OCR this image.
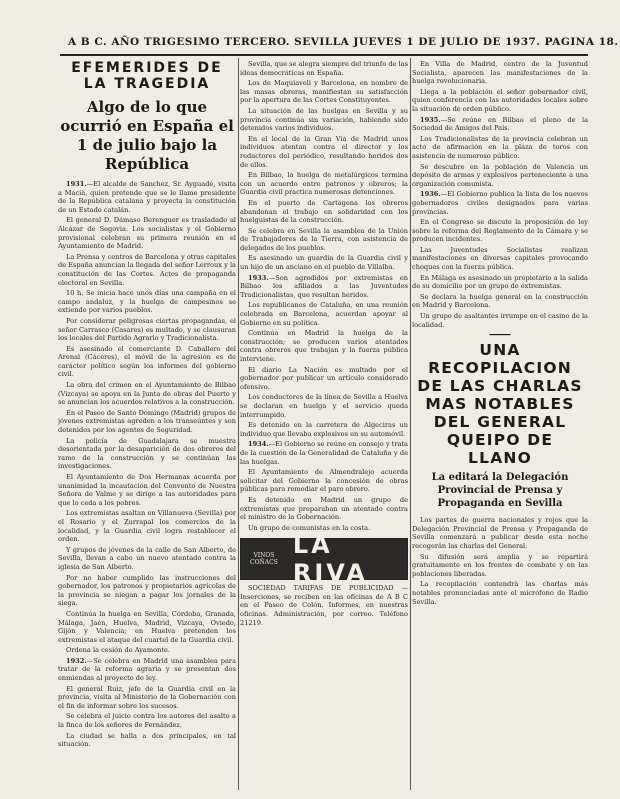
A B C. AÑO TRIGESIMO TERCERO. SEVILLA JUEVES 1 DE JULIO DE 1937. PAGINA 18.

EFEMERIDES DE LA TRAGEDIA

Algo de lo que ocurrió en España el 1 de julio bajo la República

1931.—El alcalde de Sanchez, Sr. Ayguadé, visita a Macià, quien pretende que se le llame presidente de la República catalana y proyecta la constitución de un Estado catalán.

El general D. Dámaso Berenguer es trasladado al Alcázar de Segovia. Los socialistas y el Gobierno provisional celebran su primera reunión en el Ayuntamiento de Madrid.

La Prensa y centros de Barcelona y otras capitales de España anuncian la llegada del señor Lerroux y la constitución de las Cortes. Actos de propaganda electoral en Sevilla.

10 h. Se inicia hace unos días una campaña en el campo andaluz, y la huelga de campesinos se extiende por varios pueblos.

Por considerar peligrosas ciertas propagandas, el señor Carrasco (Casares) es multado, y se clausuran los locales del Partido Agrario y Tradicionalista.

Es asesinado el comerciante D. Caballero del Arenal (Cáceres), el móvil de la agresión es de carácter político según los informes del gobierno civil.

La obra del crimen en el Ayuntamiento de Bilbao (Vizcaya) se apoya en la Junta de obras del Puerto y se anuncian los acuerdos relativos a la construcción.

En el Paseo de Santo Domingo (Madrid) grupos de jóvenes extremistas agreden a los transeúntes y son detenidos por los agentes de Seguridad.

La policía de Guadalajara se muestra desorientada por la desaparición de dos obreros del ramo de la construcción y se continúan las investigaciones.

El Ayuntamiento de Dos Hermanas acuerda por unanimidad la incautación del Convento de Nuestra Señora de Valme y se dirige a las autoridades para que lo ceda a los pobres.

Los extremistas asaltan en Villanueva (Sevilla) por el Rosario y el Zurrapal los comercios de la localidad, y la Guardia civil logra restablecer el orden.

Y grupos de jóvenes de la calle de San Alberto, de Sevilla, llevan a cabo un nuevo atentado contra la iglesia de San Alberto.

Por no haber cumplido las instrucciones del gobernador, los patronos y propietarios agrícolas de la provincia se niegan a pagar los jornales de la siega.

Continúa la huelga en Sevilla, Córdoba, Granada, Málaga, Jaén, Huelva, Madrid, Vizcaya, Oviedo, Gijón y Valencia; en Huelva pretenden los extremistas el ataque del cuartel de la Guardia civil.

Ordena la cesión de Ayamonte.

1932.—Se celebra en Madrid una asamblea para tratar de la reforma agraria y se presentan dos enmiendas al proyecto de ley.

El general Ruiz, jefe de la Guardia civil en la provincia, visita al Ministerio de la Gobernación con el fin de informar sobre los sucesos.

Se celebra el juicio contra los autores del asalto a la finca de los señores de Fernández.

La ciudad se halla a dos principales, en tal situación.

Sevilla, que se alegra siempre del triunfo de las ideas democráticas en España.

Los de Maquiaveli y Barcelona, en nombre de las masas obreras, manifiestan su satisfacción por la apertura de las Cortes Constituyentes.

La situación de las huelgas en Sevilla y su provincia continúa sin variación, habiendo sido detenidos varios individuos.

En el local de la Gran Vía de Madrid unos individuos atentan contra el director y los redactores del periódico, resultando heridos dos de ellos.

En Bilbao, la huelga de metalúrgicos termina con un acuerdo entre patronos y obreros; la Guardia civil practica numerosas detenciones.

En el puerto de Cartagena los obreros abandonan el trabajo en solidaridad con los huelguistas de la construcción.

Se celebra en Sevilla la asamblea de la Unión de Trabajadores de la Tierra, con asistencia de delegados de los pueblos.

Es asesinado un guardia de la Guardia civil y un hijo de un anciano en el pueblo de Villalba.

1933.—Son agredidos por extremistas en Bilbao los afiliados a las Juventudes Tradicionalistas, que resultan heridos.

Los republicanos de Cataluña, en una reunión celebrada en Barcelona, acuerdan apoyar al Gobierno en su política.

Continúa en Madrid la huelga de la construcción; se producen varios atentados contra obreros que trabajan y la fuerza pública interviene.

El diario La Nación es multado por el gobernador por publicar un artículo considerado ofensivo.

Los conductores de la línea de Sevilla a Huelva se declaran en huelga y el servicio queda interrumpido.

Es detenido en la carretera de Algeciras un individuo que llevaba explosivos en su automóvil.

1934.—El Gobierno se reúne en consejo y trata de la cuestión de la Generalidad de Cataluña y de las huelgas.

El Ayuntamiento de Almendralejo acuerda solicitar del Gobierno la concesión de obras públicas para remediar el paro obrero.

Es detenido en Madrid un grupo de extremistas que preparaban un atentado contra el ministro de la Gobernación.

Un grupo de comunistas en la costa.

VINOS COÑACS
LA RIVA

SOCIEDAD TARIFAS DE PUBLICIDAD — Inserciones, se reciben en las oficinas de A B C en el Paseo de Colón. Informes, en nuestras oficinas. Administración, por correo. Teléfono 21219.

En Villa de Madrid, centro de la Juventud Socialista, aparecen las manifestaciones de la huelga revolucionaria.

Llega a la población el señor gobernador civil, quien conferencia con las autoridades locales sobre la situación de orden público.

1935.—Se reúne en Bilbao el pleno de la Sociedad de Amigos del País.

Los Tradicionalistas de la provincia celebran un acto de afirmación en la plaza de toros con asistencia de numeroso público.

Se descubre en la población de Valencia un depósito de armas y explosivos perteneciente a una organización comunista.

1936.—El Gobierno publica la lista de los nuevos gobernadores civiles designados para varias provincias.

En el Congreso se discute la proposición de ley sobre la reforma del Reglamento de la Cámara y se producen incidentes.

Las Juventudes Socialistas realizan manifestaciones en diversas capitales provocando choques con la fuerza pública.

En Málaga es asesinado un propietario a la salida de su domicilio por un grupo de extremistas.

Se declara la huelga general en la construcción en Madrid y Barcelona.

Un grupo de asaltantes irrumpe en el casino de la localidad.

━━━━━
UNA RECOPILACION DE LAS CHARLAS MAS NOTABLES DEL GENERAL QUEIPO DE LLANO
La editará la Delegación Provincial de Prensa y Propaganda en Sevilla

Los partes de guerra nacionales y rojos que la Delegación Provincial de Prensa y Propaganda de Sevilla comenzará a publicar desde esta noche recogerán las charlas del General.

Su difusión será amplia y se repartirá gratuitamente en los frentes de combate y en las poblaciones liberadas.

La recopilación contendrá las charlas más notables pronunciadas ante el micrófono de Radio Sevilla.
